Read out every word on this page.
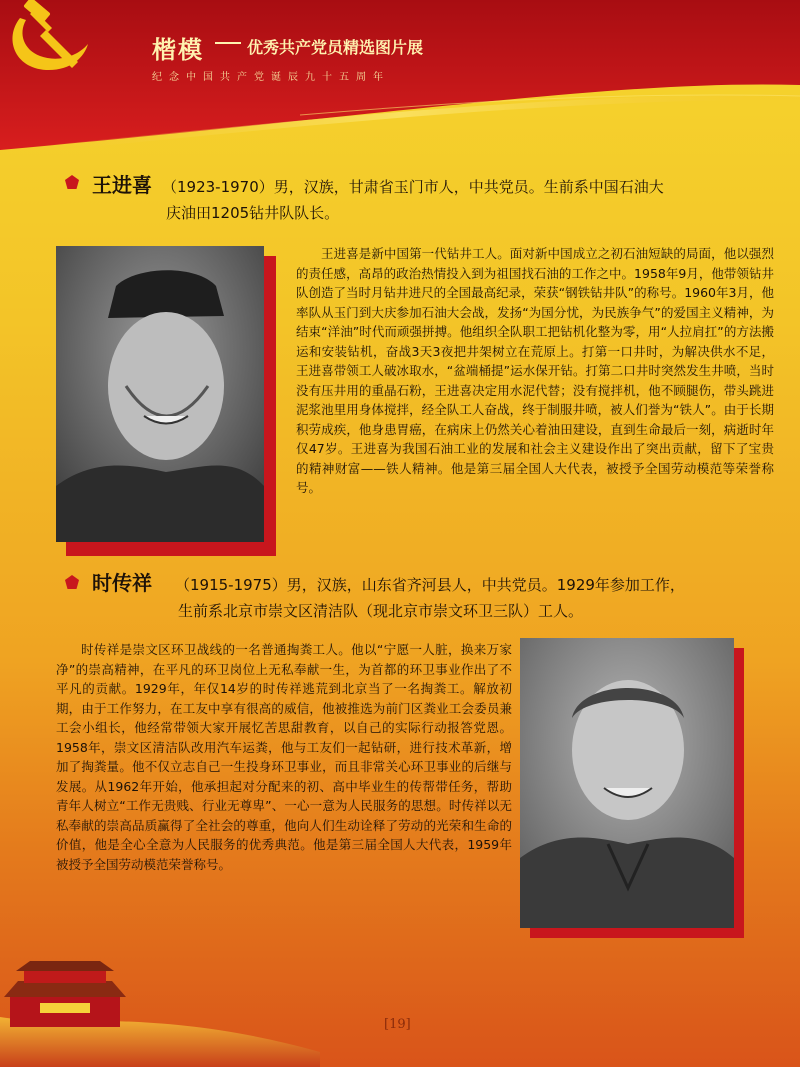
楷模	优秀共产党员精选图片展
纪念中国共产党诞辰九十五周年
王进喜 （1923-1970）男，汉族，甘肃省玉门市人，中共党员。生前系中国石油大
庆油田1205钻井队队长。

王进喜是新中国第一代钻井工人。面对新中国成立之初石油短缺的局面，他以强烈的责任感，高昂的政治热情投入到为祖国找石油的工作之中。1958年9月，他带领钻井队创造了当时月钻井进尺的全国最高纪录，荣获“钢铁钻井队”的称号。1960年3月，他率队从玉门到大庆参加石油大会战，发扬“为国分忧，为民族争气”的爱国主义精神，为结束“洋油”时代而顽强拼搏。他组织全队职工把钻机化整为零，用“人拉肩扛”的方法搬运和安装钻机，奋战3天3夜把井架树立在荒原上。打第一口井时，为解决供水不足，王进喜带领工人破冰取水，“盆端桶提”运水保开钻。打第二口井时突然发生井喷，当时没有压井用的重晶石粉，王进喜决定用水泥代替；没有搅拌机，他不顾腿伤，带头跳进泥浆池里用身体搅拌，经全队工人奋战，终于制服井喷，被人们誉为“铁人”。由于长期积劳成疾，他身患胃癌，在病床上仍然关心着油田建设，直到生命最后一刻，病逝时年仅47岁。王进喜为我国石油工业的发展和社会主义建设作出了突出贡献，留下了宝贵的精神财富——铁人精神。他是第三届全国人大代表，被授予全国劳动模范等荣誉称号。

时传祥	（1915-1975）男，汉族，山东省齐河县人，中共党员。1929年参加工作，
生前系北京市崇文区清洁队（现北京市崇文环卫三队）工人。

时传祥是崇文区环卫战线的一名普通掏粪工人。他以“宁愿一人脏，换来万家净”的崇高精神，在平凡的环卫岗位上无私奉献一生，为首都的环卫事业作出了不平凡的贡献。1929年，年仅14岁的时传祥逃荒到北京当了一名掏粪工。解放初期，由于工作努力，在工友中享有很高的威信，他被推选为前门区粪业工会委员兼工会小组长，他经常带领大家开展忆苦思甜教育，以自己的实际行动报答党恩。1958年，崇文区清洁队改用汽车运粪，他与工友们一起钻研，进行技术革新，增加了掏粪量。他不仅立志自己一生投身环卫事业，而且非常关心环卫事业的后继与发展。从1962年开始，他承担起对分配来的初、高中毕业生的传帮带任务，帮助青年人树立“工作无贵贱、行业无尊卑”、一心一意为人民服务的思想。时传祥以无私奉献的崇高品质赢得了全社会的尊重，他向人们生动诠释了劳动的光荣和生命的价值，他是全心全意为人民服务的优秀典范。他是第三届全国人大代表，1959年被授予全国劳动模范荣誉称号。

[19]
